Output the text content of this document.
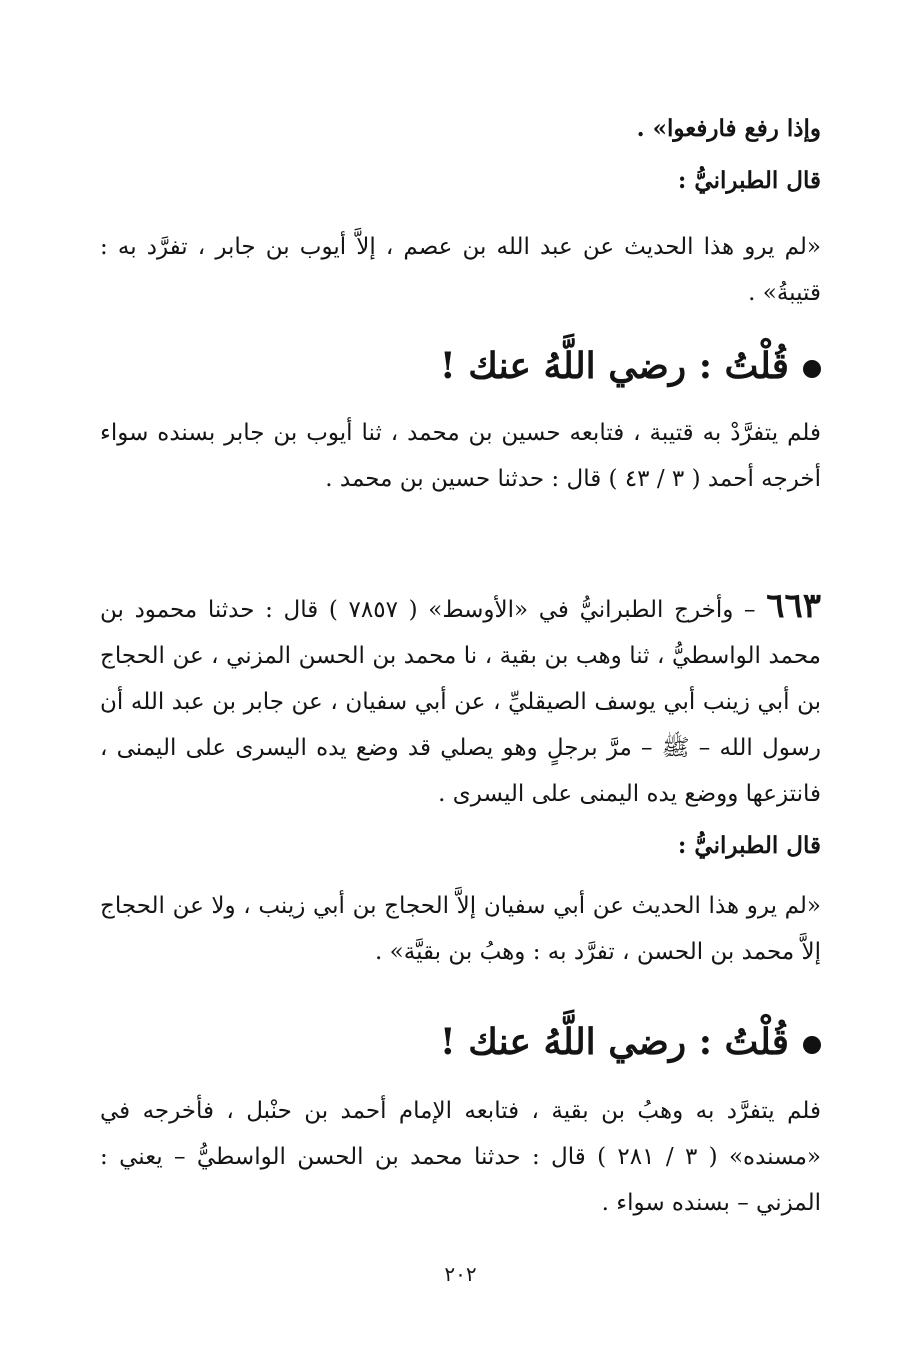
وإذا رفع فارفعوا» .

قال الطبرانيُّ :

«لم يرو هذا الحديث عن عبد الله بن عصم ، إلاَّ أيوب بن جابر ، تفرَّد به : قتيبةُ» .

قُلْتُ : رضي اللَّهُ عنك !

فلم يتفرَّدْ به قتيبة ، فتابعه حسين بن محمد ، ثنا أيوب بن جابر بسنده سواء أخرجه أحمد ( ٣ / ٤٣ ) قال : حدثنا حسين بن محمد .

٦٦٣ – وأخرج الطبرانيُّ في «الأوسط» ( ٧٨٥٧ ) قال : حدثنا محمود بن محمد الواسطيُّ ، ثنا وهب بن بقية ، نا محمد بن الحسن المزني ، عن الحجاج بن أبي زينب أبي يوسف الصيقليِّ ، عن أبي سفيان ، عن جابر بن عبد الله أن رسول الله – ﷺ – مرَّ برجلٍ وهو يصلي قد وضع يده اليسرى على اليمنى ، فانتزعها ووضع يده اليمنى على اليسرى .

قال الطبرانيُّ :

«لم يرو هذا الحديث عن أبي سفيان إلاَّ الحجاج بن أبي زينب ، ولا عن الحجاج إلاَّ محمد بن الحسن ، تفرَّد به : وهبُ بن بقيَّة» .

قُلْتُ : رضي اللَّهُ عنك !

فلم يتفرَّد به وهبُ بن بقية ، فتابعه الإمام أحمد بن حنْبل ، فأخرجه في «مسنده» ( ٣ / ٢٨١ ) قال : حدثنا محمد بن الحسن الواسطيُّ – يعني : المزني – بسنده سواء .

٢٠٢
